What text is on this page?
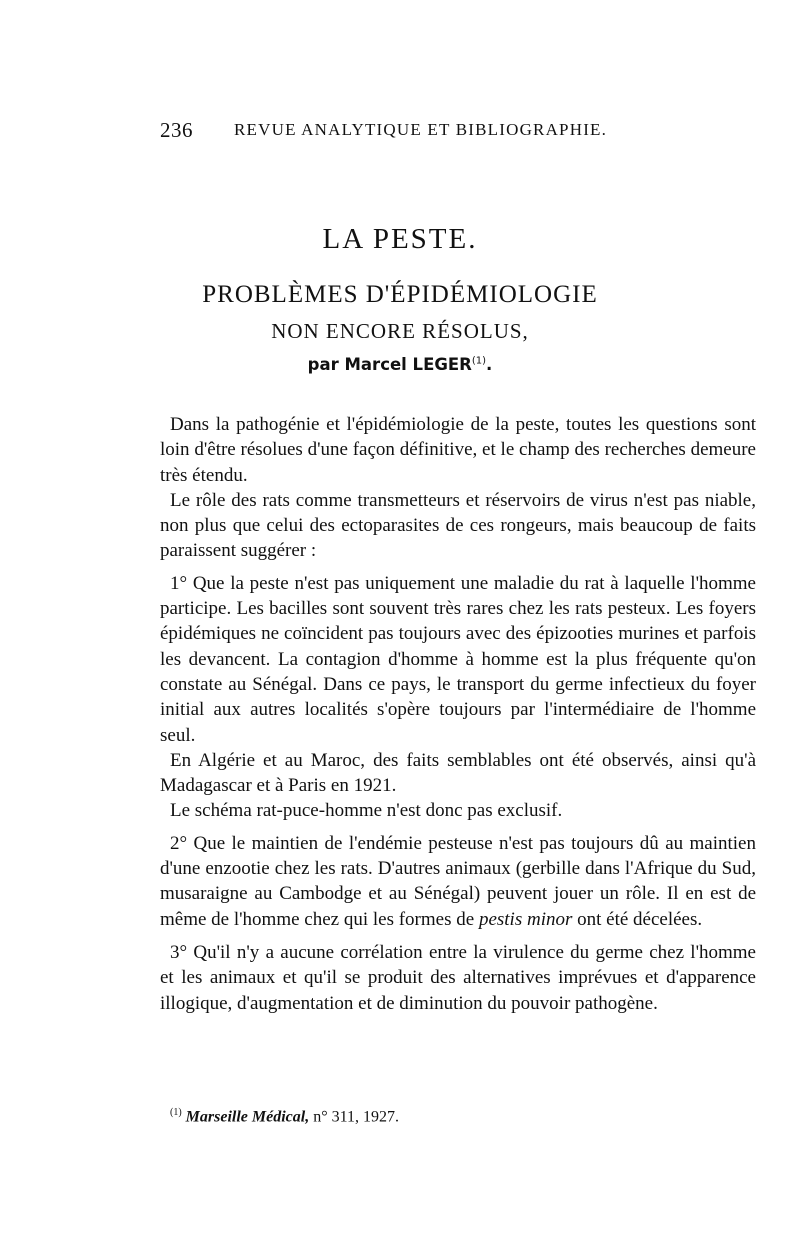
236 REVUE ANALYTIQUE ET BIBLIOGRAPHIE.
LA PESTE.
PROBLÈMES D'ÉPIDÉMIOLOGIE
NON ENCORE RÉSOLUS,
par Marcel LEGER$^{(1)}$.

Dans la pathogénie et l'épidémiologie de la peste, toutes les questions sont loin d'être résolues d'une façon définitive, et le champ des recherches demeure très étendu.

Le rôle des rats comme transmetteurs et réservoirs de virus n'est pas niable, non plus que celui des ectoparasites de ces rongeurs, mais beaucoup de faits paraissent suggérer :

1° Que la peste n'est pas uniquement une maladie du rat à laquelle l'homme participe. Les bacilles sont souvent très rares chez les rats pesteux. Les foyers épidémiques ne coïncident pas toujours avec des épizooties murines et parfois les devancent. La contagion d'homme à homme est la plus fréquente qu'on constate au Sénégal. Dans ce pays, le transport du germe infectieux du foyer initial aux autres localités s'opère toujours par l'intermédiaire de l'homme seul.

En Algérie et au Maroc, des faits semblables ont été observés, ainsi qu'à Madagascar et à Paris en 1921.

Le schéma rat-puce-homme n'est donc pas exclusif.

2° Que le maintien de l'endémie pesteuse n'est pas toujours dû au maintien d'une enzootie chez les rats. D'autres animaux (gerbille dans l'Afrique du Sud, musaraigne au Cambodge et au Sénégal) peuvent jouer un rôle. Il en est de même de l'homme chez qui les formes de pestis minor ont été décelées.

3° Qu'il n'y a aucune corrélation entre la virulence du germe chez l'homme et les animaux et qu'il se produit des alternatives imprévues et d'apparence illogique, d'augmentation et de diminution du pouvoir pathogène.

$^{(1)}$ Marseille Médical, n° 311, 1927.
